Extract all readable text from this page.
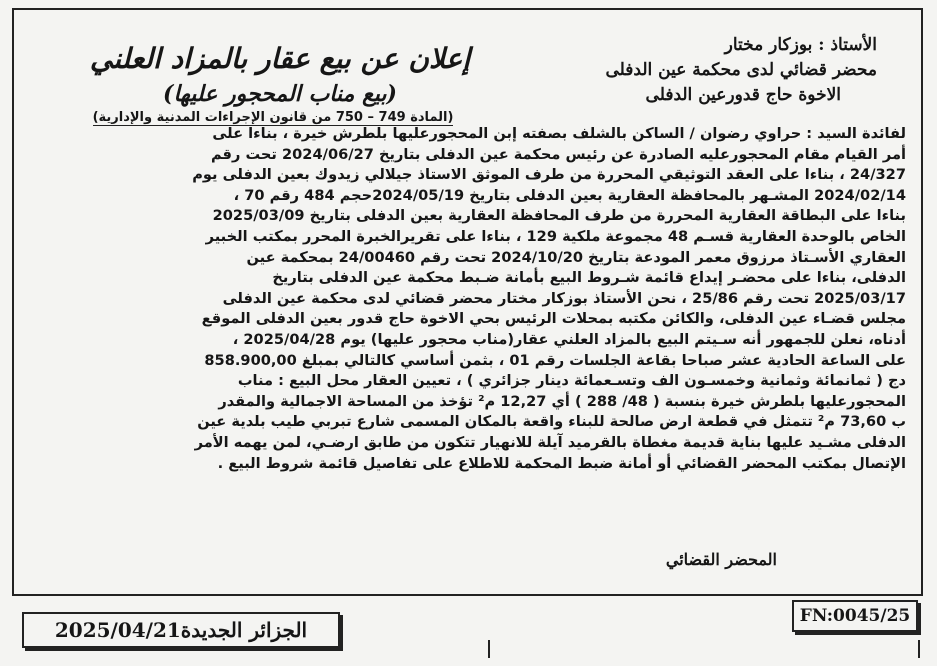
إعلان عن بيع عقار بالمزاد العلني
(بيع مناب المحجور عليها)
(المادة 749 – 750 من قانون الإجراءات المدنية والإدارية)
الأستاذ : بوزكار مختار
محضر قضائي لدى محكمة عين الدفلى
الاخوة حاج قدورعين الدفلى

لفائدة السيد : حراوي رضوان / الساكن بالشلف بصفته إبن المحجورعليها بلطرش خيرة ، بناءا على

أمر القيام مقام المحجورعليه الصادرة عن رئيس محكمة عين الدفلى بتاريخ 2024/06/27 تحت رقم

24/327 ، بناءا على العقد التوثيقي المحررة من طرف الموثق الاستاذ جيلالي زيدوك بعين الدفلى يوم

2024/02/14 المشـهر بالمحافظة العقارية بعين الدفلى بتاريخ 2024/05/19حجم 484 رقم 70 ،

بناءا على البطاقة العقارية المحررة من طرف المحافظة العقارية بعين الدفلى بتاريخ 2025/03/09

الخاص بالوحدة العقارية قسـم 48 مجموعة ملكية 129 ، بناءا على تقريرالخبرة المحرر بمكتب الخبير

العقاري الأسـتاذ مرزوق معمر المودعة بتاريخ 2024/10/20 تحت رقم 24/00460 بمحكمة عين

الدفلى، بناءا على محضـر إيداع قائمة شـروط البيع بأمانة ضـبط محكمة عين الدفلى بتاريخ

2025/03/17 تحت رقم 25/86 ، نحن الأستاذ بوزكار مختار محضر قضائي لدى محكمة عين الدفلى

مجلس قضـاء عين الدفلى، والكائن مكتبه بمحلات الرئيس بحي الاخوة حاج قدور بعين الدفلى الموقع

أدناه، نعلن للجمهور أنه سـيتم البيع بالمزاد العلني عقار(مناب محجور عليها) يوم 2025/04/28 ،

على الساعة الحادية عشر صباحا بقاعة الجلسات رقم 01 ، بثمن أساسي كالتالي بمبلغ 858.900,00

دج ( ثمانمائة وثمانية وخمسـون الف وتسـعمائة دينار جزائري ) ، تعيين العقار محل البيع : مناب

المحجورعليها بلطرش خيرة بنسبة ( 48/ 288 ) أي 12,27 م² تؤخذ من المساحة الاجمالية والمقدر

ب 73,60 م² تتمثل في قطعة ارض صالحة للبناء واقعة بالمكان المسمى شارع تبربي طيب بلدية عين

الدفلى مشـيد عليها بناية قديمة مغطاة بالقرميد آيلة للانهيار تتكون من طابق ارضـي، لمن يهمه الأمر

الإتصال بمكتب المحضر القضائي أو أمانة ضبط المحكمة للاطلاع على تفاصيل قائمة شروط البيع .

المحضر القضائي
الجزائر الجديدة2025/04/21
FN:0045/25
